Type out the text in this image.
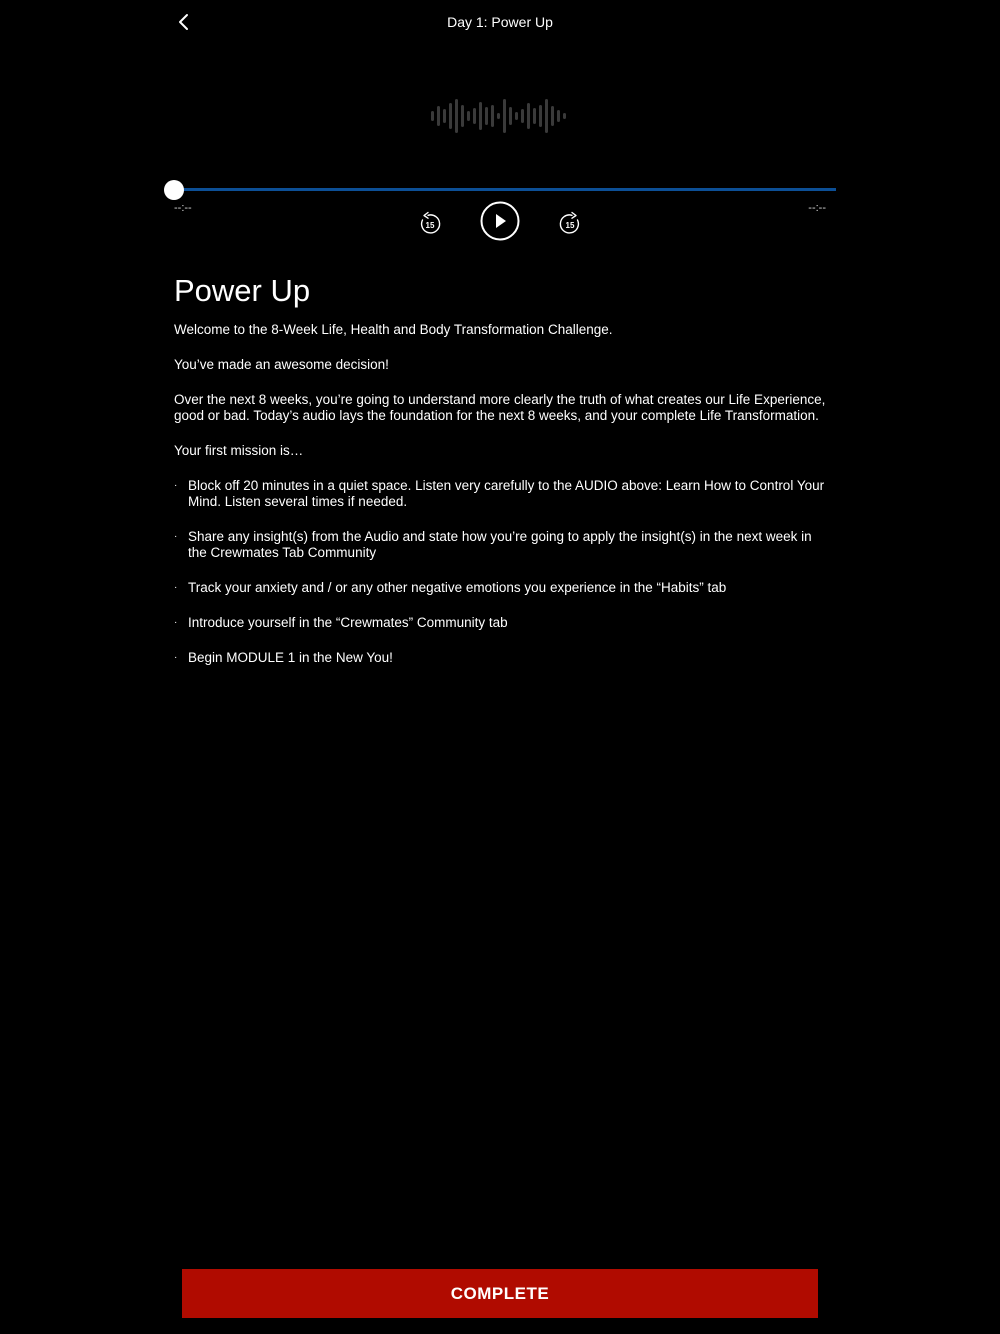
Day 1: Power Up
--:--	--:--
15	15
Power Up

Welcome to the 8-Week Life, Health and Body Transformation Challenge.

You’ve made an awesome decision!

Over the next 8 weeks, you’re going to understand more clearly the truth of what creates our Life Experience, good or bad. Today’s audio lays the foundation for the next 8 weeks, and your complete Life Transformation.

Your first mission is…

· Block off 20 minutes in a quiet space. Listen very carefully to the AUDIO above: Learn How to Control Your Mind. Listen several times if needed.
· Share any insight(s) from the Audio and state how you’re going to apply the insight(s) in the next week in the Crewmates Tab Community
· Track your anxiety and / or any other negative emotions you experience in the “Habits” tab
· Introduce yourself in the “Crewmates” Community tab
· Begin MODULE 1 in the New You!
COMPLETE
